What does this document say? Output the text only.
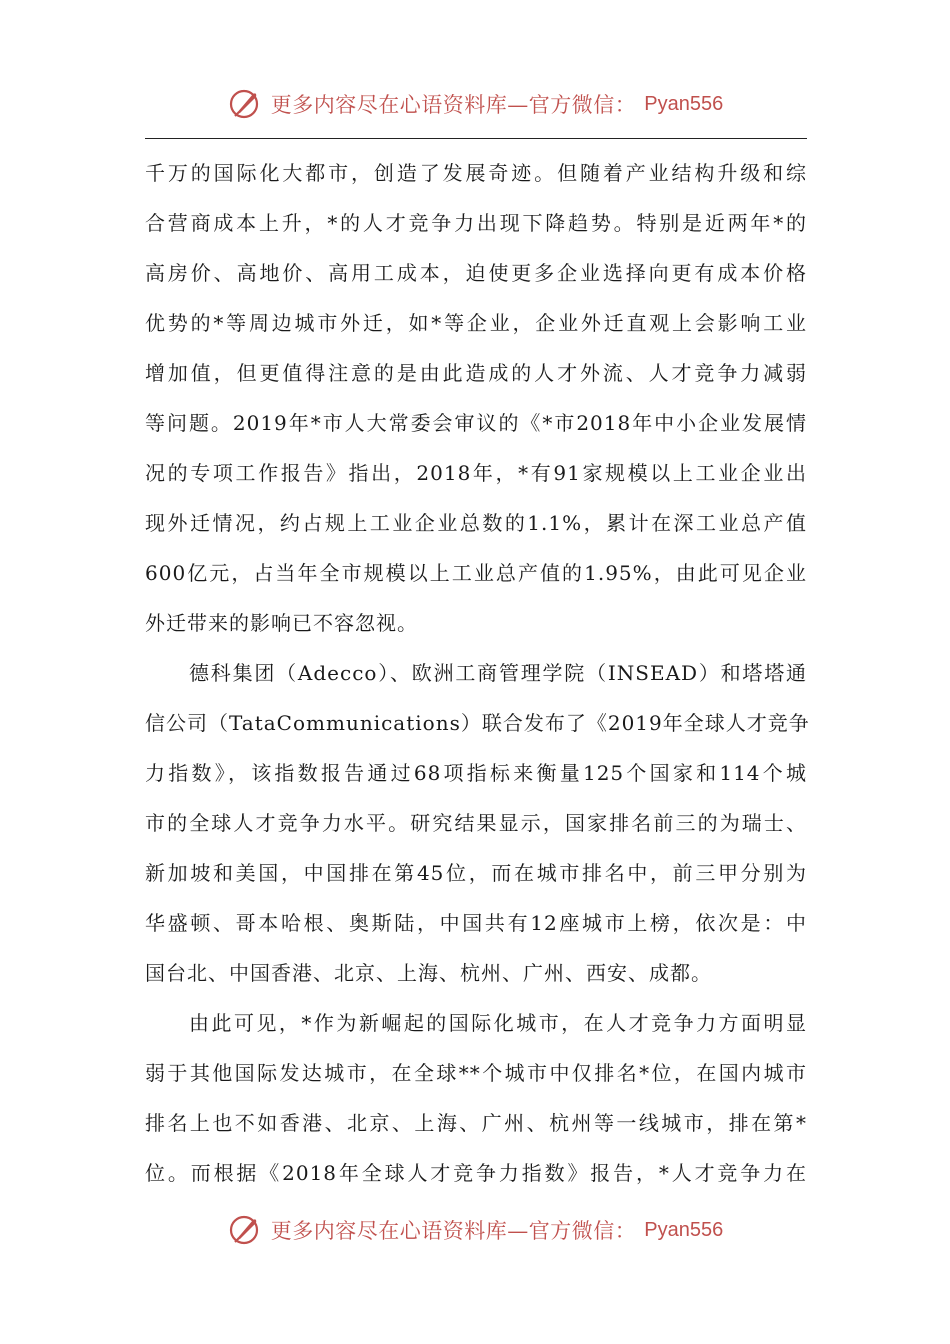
更多内容尽在心语资料库—官方微信： Pyan556
千万的国际化大都市，创造了发展奇迹。但随着产业结构升级和综
合营商成本上升，*的人才竞争力出现下降趋势。特别是近两年*的
高房价、高地价、高用工成本，迫使更多企业选择向更有成本价格
优势的*等周边城市外迁，如*等企业，企业外迁直观上会影响工业
增加值，但更值得注意的是由此造成的人才外流、人才竞争力减弱
等问题。2019年*市人大常委会审议的《*市2018年中小企业发展情
况的专项工作报告》指出，2018年，*有91家规模以上工业企业出
现外迁情况，约占规上工业企业总数的1.1%，累计在深工业总产值
600亿元，占当年全市规模以上工业总产值的1.95%，由此可见企业
外迁带来的影响已不容忽视。
德科集团（Adecco）、欧洲工商管理学院（INSEAD）和塔塔通
信公司（TataCommunications）联合发布了《2019年全球人才竞争
力指数》，该指数报告通过68项指标来衡量125个国家和114个城
市的全球人才竞争力水平。研究结果显示，国家排名前三的为瑞士、
新加坡和美国，中国排在第45位，而在城市排名中，前三甲分别为
华盛顿、哥本哈根、奥斯陆，中国共有12座城市上榜，依次是：中
国台北、中国香港、北京、上海、杭州、广州、西安、成都。
由此可见，*作为新崛起的国际化城市，在人才竞争力方面明显
弱于其他国际发达城市，在全球**个城市中仅排名*位，在国内城市
排名上也不如香港、北京、上海、广州、杭州等一线城市，排在第*
位。而根据《2018年全球人才竞争力指数》报告，*人才竞争力在
更多内容尽在心语资料库—官方微信： Pyan556
